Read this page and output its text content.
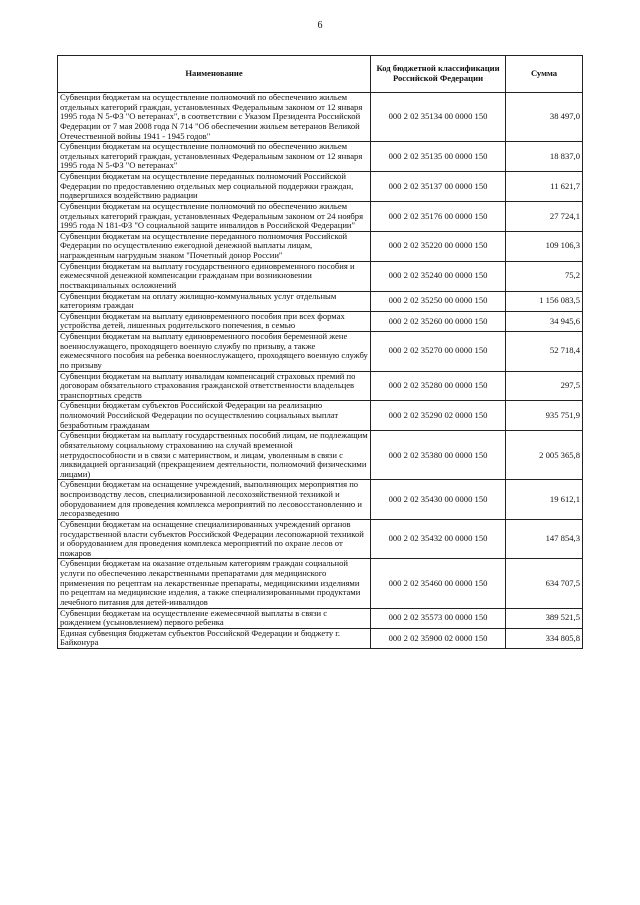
6
Наименование	Код бюджетной классификации Российской Федерации	Сумма
Субвенции бюджетам на осуществление полномочий по обеспечению жильем отдельных категорий граждан, установленных Федеральным законом от 12 января 1995 года N 5-ФЗ "О ветеранах", в соответствии с Указом Президента Российской Федерации от 7 мая 2008 года N 714 "Об обеспечении жильем ветеранов Великой Отечественной войны 1941 - 1945 годов"	000 2 02 35134 00 0000 150	38 497,0
Субвенции бюджетам на осуществление полномочий по обеспечению жильем отдельных категорий граждан, установленных Федеральным законом от 12 января 1995 года N 5-ФЗ "О ветеранах"	000 2 02 35135 00 0000 150	18 837,0
Субвенции бюджетам на осуществление переданных полномочий Российской Федерации по предоставлению отдельных мер социальной поддержки граждан, подвергшихся воздействию радиации	000 2 02 35137 00 0000 150	11 621,7
Субвенции бюджетам на осуществление полномочий по обеспечению жильем отдельных категорий граждан, установленных Федеральным законом от 24 ноября 1995 года N 181-ФЗ "О социальной защите инвалидов в Российской Федерации"	000 2 02 35176 00 0000 150	27 724,1
Субвенции бюджетам на осуществление переданного полномочия Российской Федерации по осуществлению ежегодной денежной выплаты лицам, награжденным нагрудным знаком "Почетный донор России"	000 2 02 35220 00 0000 150	109 106,3
Субвенции бюджетам на выплату государственного единовременного пособия и ежемесячной денежной компенсации гражданам при возникновении поствакцинальных осложнений	000 2 02 35240 00 0000 150	75,2
Субвенции бюджетам на оплату жилищно-коммунальных услуг отдельным категориям граждан	000 2 02 35250 00 0000 150	1 156 083,5
Субвенции бюджетам на выплату единовременного пособия при всех формах устройства детей, лишенных родительского попечения, в семью	000 2 02 35260 00 0000 150	34 945,6
Субвенции бюджетам на выплату единовременного пособия беременной жене военнослужащего, проходящего военную службу по призыву, а также ежемесячного пособия на ребенка военнослужащего, проходящего военную службу по призыву	000 2 02 35270 00 0000 150	52 718,4
Субвенции бюджетам на выплату инвалидам компенсаций страховых премий по договорам обязательного страхования гражданской ответственности владельцев транспортных средств	000 2 02 35280 00 0000 150	297,5
Субвенции бюджетам субъектов Российской Федерации на реализацию полномочий Российской Федерации по осуществлению социальных выплат безработным гражданам	000 2 02 35290 02 0000 150	935 751,9
Субвенции бюджетам на выплату государственных пособий лицам, не подлежащим обязательному социальному страхованию на случай временной нетрудоспособности и в связи с материнством, и лицам, уволенным в связи с ликвидацией организаций (прекращением деятельности, полномочий физическими лицами)	000 2 02 35380 00 0000 150	2 005 365,8
Субвенции бюджетам на оснащение учреждений, выполняющих мероприятия по воспроизводству лесов, специализированной лесохозяйственной техникой и оборудованием для проведения комплекса мероприятий по лесовосстановлению и лесоразведению	000 2 02 35430 00 0000 150	19 612,1
Субвенции бюджетам на оснащение специализированных учреждений органов государственной власти субъектов Российской Федерации лесопожарной техникой и оборудованием для проведения комплекса мероприятий по охране лесов от пожаров	000 2 02 35432 00 0000 150	147 854,3
Субвенции бюджетам на оказание отдельным категориям граждан социальной услуги по обеспечению лекарственными препаратами для медицинского применения по рецептам на лекарственные препараты, медицинскими изделиями по рецептам на медицинские изделия, а также специализированными продуктами лечебного питания для детей-инвалидов	000 2 02 35460 00 0000 150	634 707,5
Субвенции бюджетам на осуществление ежемесячной выплаты в связи с рождением (усыновлением) первого ребенка	000 2 02 35573 00 0000 150	389 521,5
Единая субвенция бюджетам субъектов Российской Федерации и бюджету г. Байконура	000 2 02 35900 02 0000 150	334 805,8
